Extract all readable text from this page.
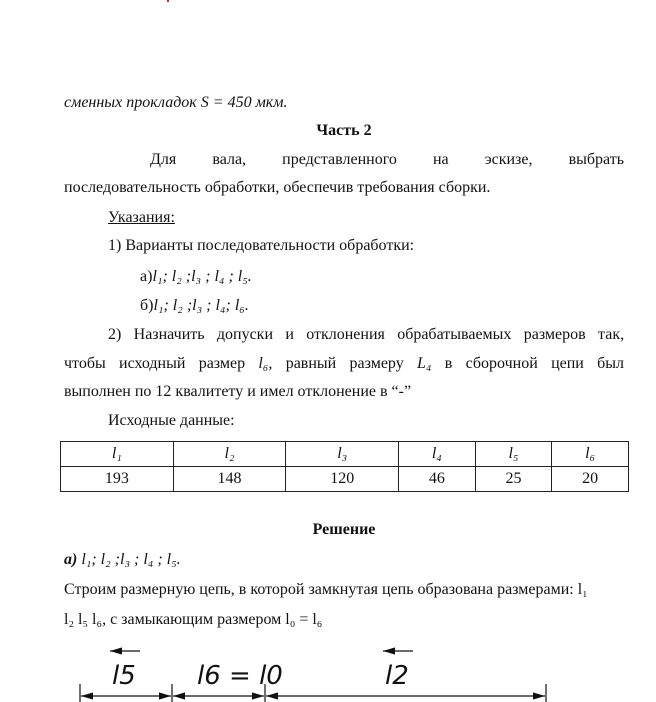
сменных прокладок S = 450 мкм.
Часть 2
Для вала, представленного на эскизе, выбрать
последовательность обработки, обеспечив требования сборки.
Указания:
1) Варианты последовательности обработки:
а)l₁; l₂ ;l₃ ; l₄ ; l₅.
б)l₁; l₂ ;l₃ ; l₄; l₆.
2) Назначить допуски и отклонения обрабатываемых размеров так,
чтобы исходный размер l₆, равный размеру L₄ в сборочной цепи был
выполнен по 12 квалитету и имел отклонение в “-”
Исходные данные:
l₁	l₂	l₃	l₄	l₅	l₆
193	148	120	46	25	20
Решение
а) l₁; l₂ ;l₃ ; l₄ ; l₅.
Строим размерную цепь, в которой замкнутая цепь образована размерами: l₁
l₂ l₅ l₆, с замыкающим размером l₀ = l₆
l5 l6 = l0	l2
